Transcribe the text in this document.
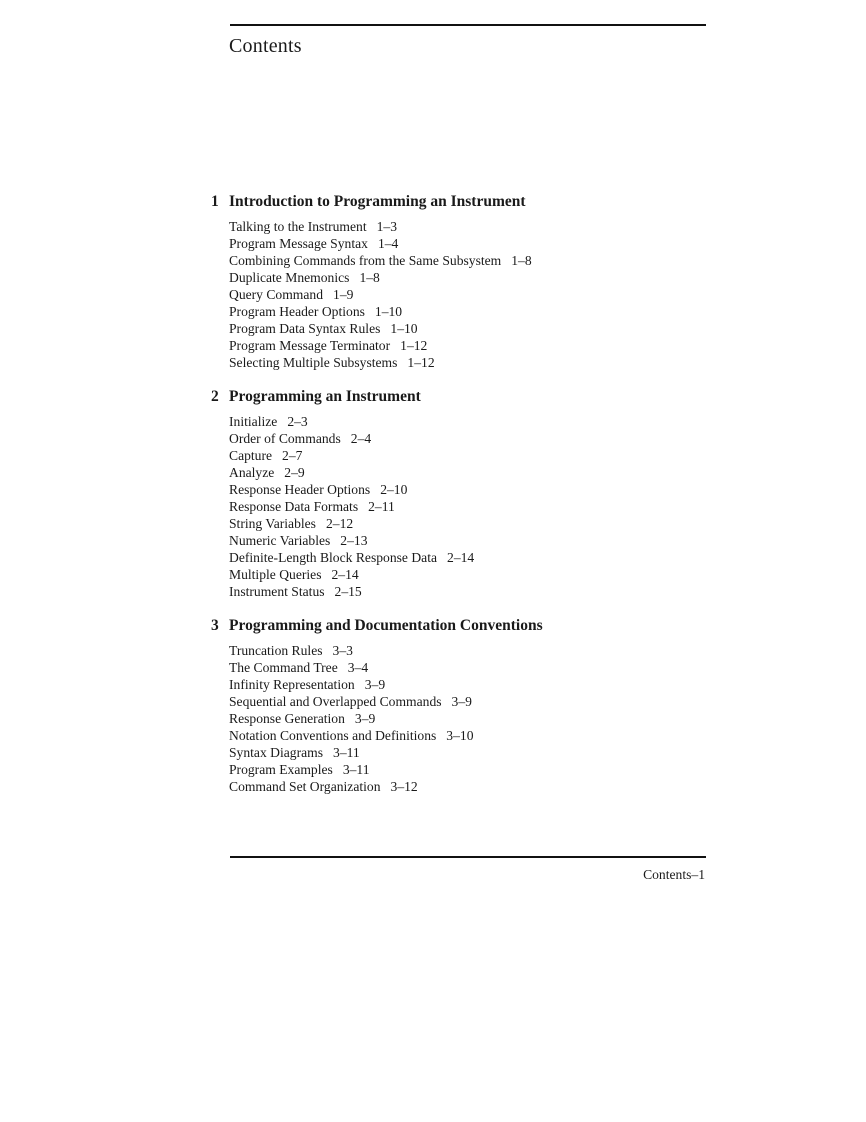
Contents
1 Introduction to Programming an Instrument
Talking to the Instrument 1–3
Program Message Syntax 1–4
Combining Commands from the Same Subsystem 1–8
Duplicate Mnemonics 1–8
Query Command 1–9
Program Header Options 1–10
Program Data Syntax Rules 1–10
Program Message Terminator 1–12
Selecting Multiple Subsystems 1–12
2 Programming an Instrument
Initialize 2–3
Order of Commands 2–4
Capture 2–7
Analyze 2–9
Response Header Options 2–10
Response Data Formats 2–11
String Variables 2–12
Numeric Variables 2–13
Definite-Length Block Response Data 2–14
Multiple Queries 2–14
Instrument Status 2–15
3 Programming and Documentation Conventions
Truncation Rules 3–3
The Command Tree 3–4
Infinity Representation 3–9
Sequential and Overlapped Commands 3–9
Response Generation 3–9
Notation Conventions and Definitions 3–10
Syntax Diagrams 3–11
Program Examples 3–11
Command Set Organization 3–12
Contents–1
